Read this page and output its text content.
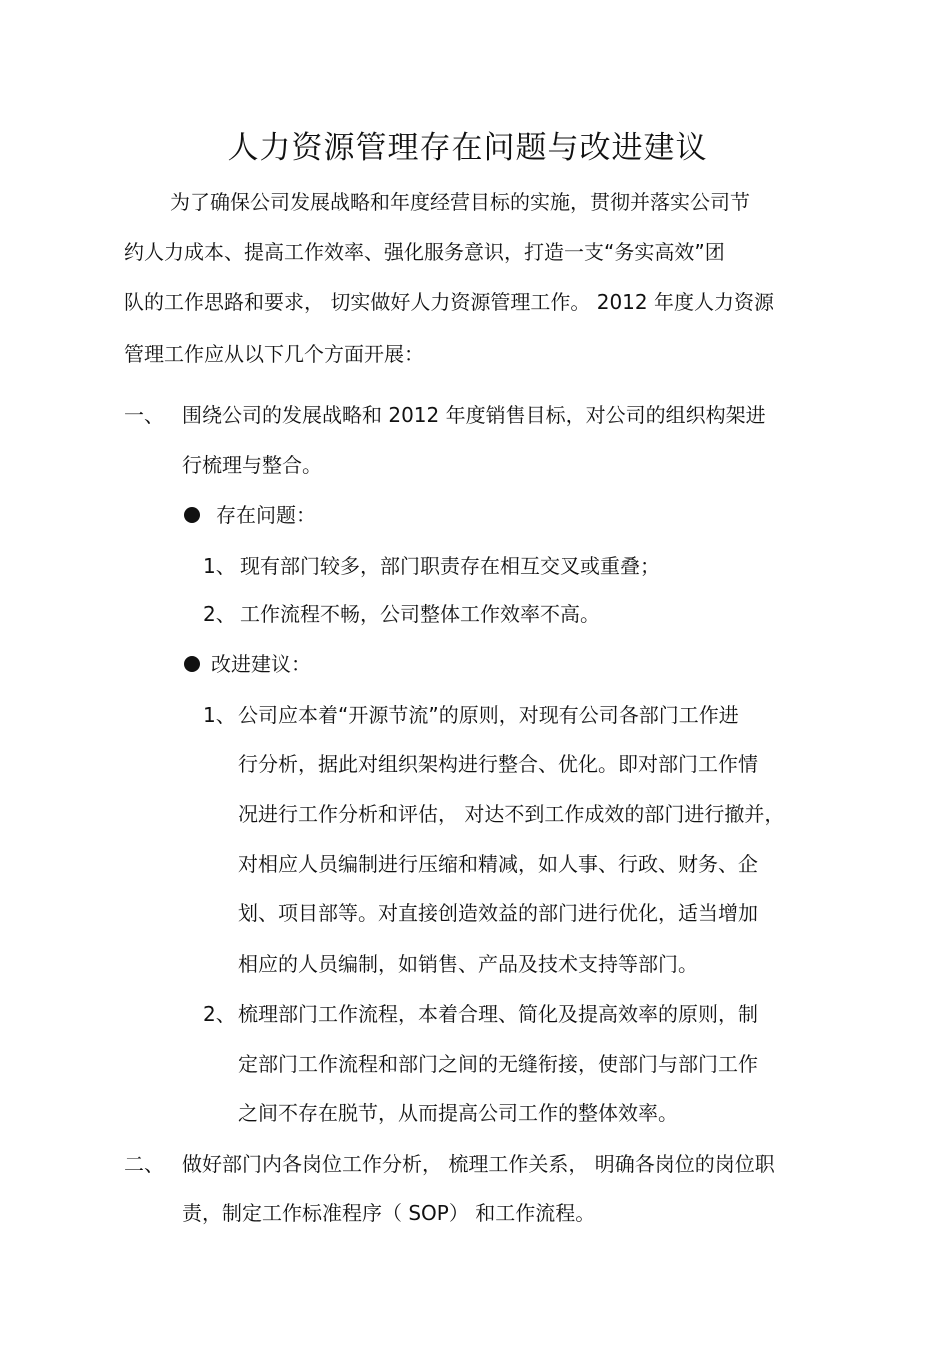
人力资源管理存在问题与改进建议
为了确保公司发展战略和年度经营目标的实施，贯彻并落实公司节
约人力成本、提高工作效率、强化服务意识，打造一支“务实高效”团
队的工作思路和要求， 切实做好人力资源管理工作。 2012 年度人力资源
管理工作应从以下几个方面开展：
一、 围绕公司的发展战略和 2012 年度销售目标，对公司的组织构架进
行梳理与整合。
存在问题：
1、 现有部门较多，部门职责存在相互交叉或重叠；
2、 工作流程不畅，公司整体工作效率不高。
改进建议：
1、 公司应本着“开源节流”的原则，对现有公司各部门工作进
行分析，据此对组织架构进行整合、优化。即对部门工作情
况进行工作分析和评估， 对达不到工作成效的部门进行撤并，
对相应人员编制进行压缩和精减，如人事、行政、财务、企
划、项目部等。对直接创造效益的部门进行优化，适当增加
相应的人员编制，如销售、产品及技术支持等部门。
2、 梳理部门工作流程，本着合理、简化及提高效率的原则，制
定部门工作流程和部门之间的无缝衔接，使部门与部门工作
之间不存在脱节，从而提高公司工作的整体效率。
二、 做好部门内各岗位工作分析， 梳理工作关系， 明确各岗位的岗位职
责，制定工作标准程序（ SOP） 和工作流程。
